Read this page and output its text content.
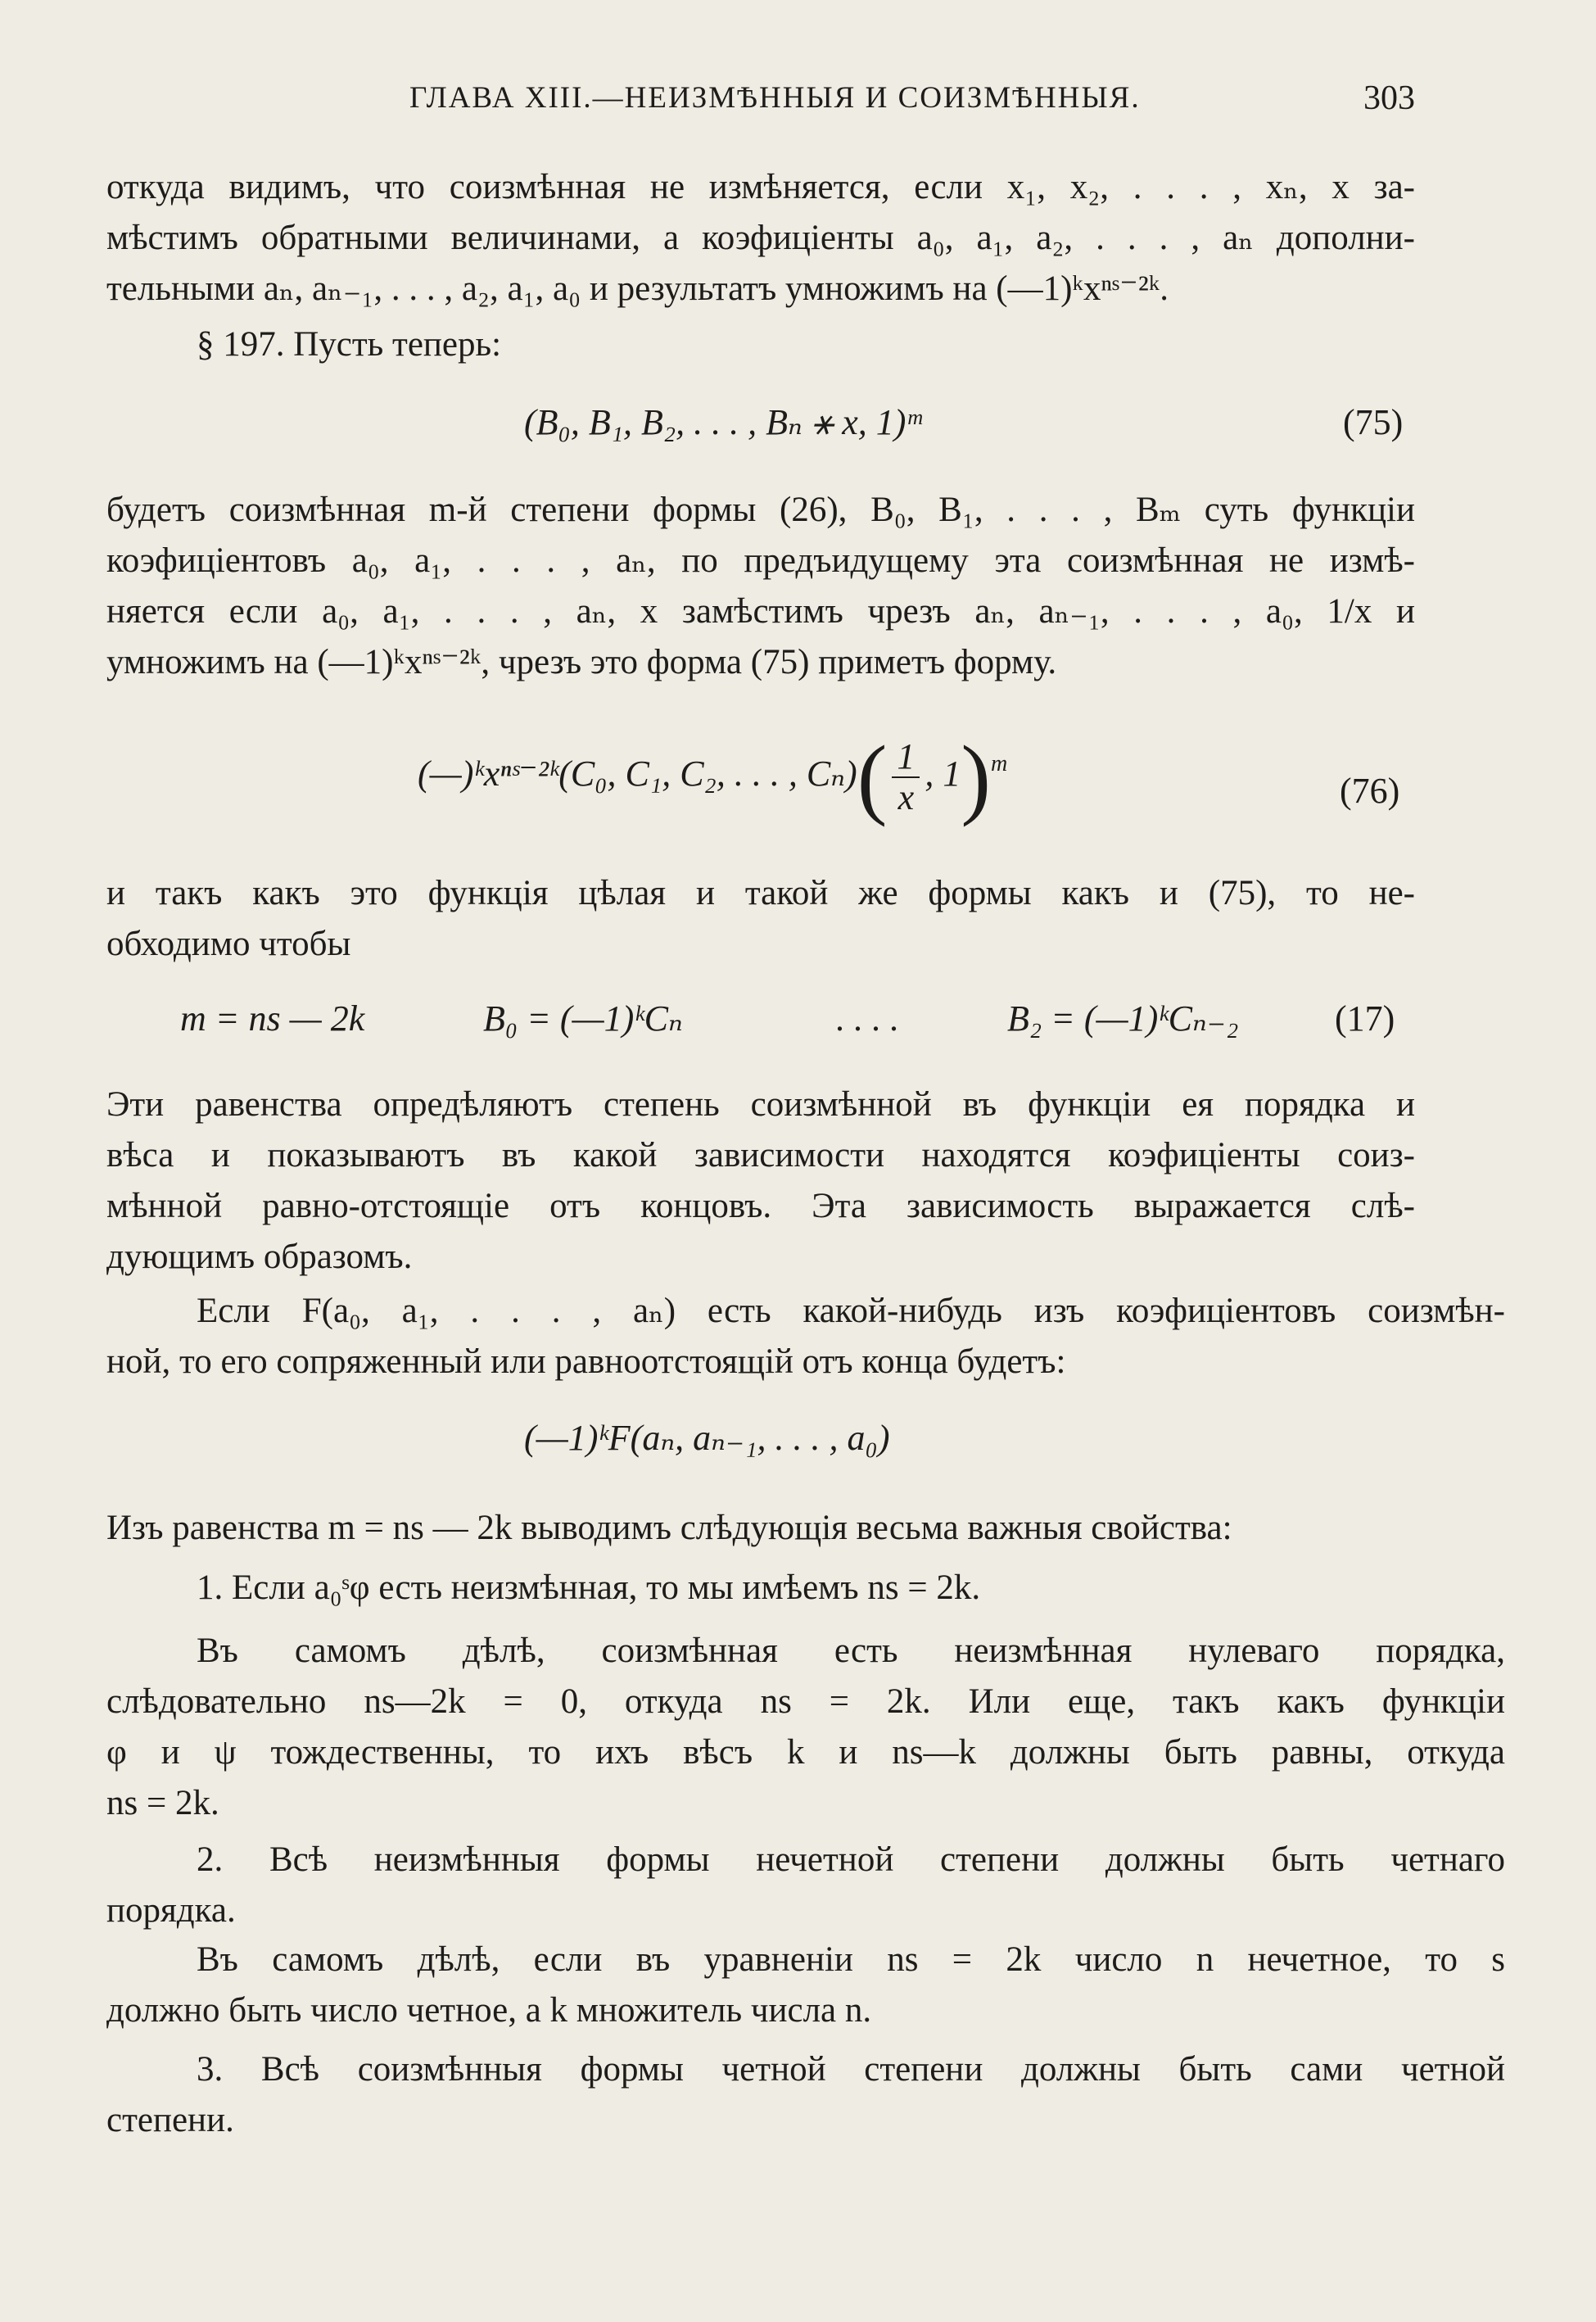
ГЛАВА XIII.—НЕИЗМѢННЫЯ И СОИЗМѢННЫЯ.	303
откуда видимъ, что соизмѣнная не измѣняется, если x₁, x₂, . . . , xₙ, x за-
мѣстимъ обратными величинами, а коэфиціенты a₀, a₁, a₂, . . . , aₙ дополни-
тельными aₙ, aₙ₋₁, . . . , a₂, a₁, a₀ и результатъ умножимъ на (—1)ᵏxⁿˢ⁻²ᵏ.
§ 197. Пусть теперь:
(B₀, B₁, B₂, . . . , Bₙ ⚹ x, 1)ᵐ	(75)
будетъ соизмѣнная m-й степени формы (26), B₀, B₁, . . . , Bₘ суть функціи
коэфиціентовъ a₀, a₁, . . . , aₙ, по предъидущему эта соизмѣнная не измѣ-
няется если a₀, a₁, . . . , aₙ, x замѣстимъ чрезъ aₙ, aₙ₋₁, . . . , a₀, 1/x и
умножимъ на (—1)ᵏxⁿˢ⁻²ᵏ, чрезъ это форма (75) приметъ форму.
(—)ᵏxⁿˢ⁻²ᵏ(C₀, C₁, C₂, . . . , $C_n)( \frac{1}{x}$ , 1)$^m$
(76)
и такъ какъ это функція цѣлая и такой же формы какъ и (75), то не-
обходимо чтобы
m = ns — 2k	B₀ = (—1)ᵏCₙ	. . . .	B₂ = (—1)ᵏCₙ₋₂	(17)
Эти равенства опредѣляютъ степень соизмѣнной въ функціи ея порядка и
вѣса и показываютъ въ какой зависимости находятся коэфиціенты соиз-
мѣнной равно-отстоящіе отъ концовъ. Эта зависимость выражается слѣ-
дующимъ образомъ.
Если F(a₀, a₁, . . . , aₙ) есть какой-нибудь изъ коэфиціентовъ соизмѣн-
ной, то его сопряженный или равноотстоящій отъ конца будетъ:
(—1)ᵏF(aₙ, aₙ₋₁, . . . , a₀)
Изъ равенства m = ns — 2k выводимъ слѣдующія весьма важныя свойства:
1. Если a₀ˢφ есть неизмѣнная, то мы имѣемъ ns = 2k.
Въ самомъ дѣлѣ, соизмѣнная есть неизмѣнная нулеваго порядка,
слѣдовательно ns—2k = 0, откуда ns = 2k. Или еще, такъ какъ функціи
φ и ψ тождественны, то ихъ вѣсъ k и ns—k должны быть равны, откуда
ns = 2k.
2. Всѣ неизмѣнныя формы нечетной степени должны быть четнаго
порядка.
Въ самомъ дѣлѣ, если въ уравненіи ns = 2k число n нечетное, то s
должно быть число четное, а k множитель числа n.
3. Всѣ соизмѣнныя формы четной степени должны быть сами четной
степени.
